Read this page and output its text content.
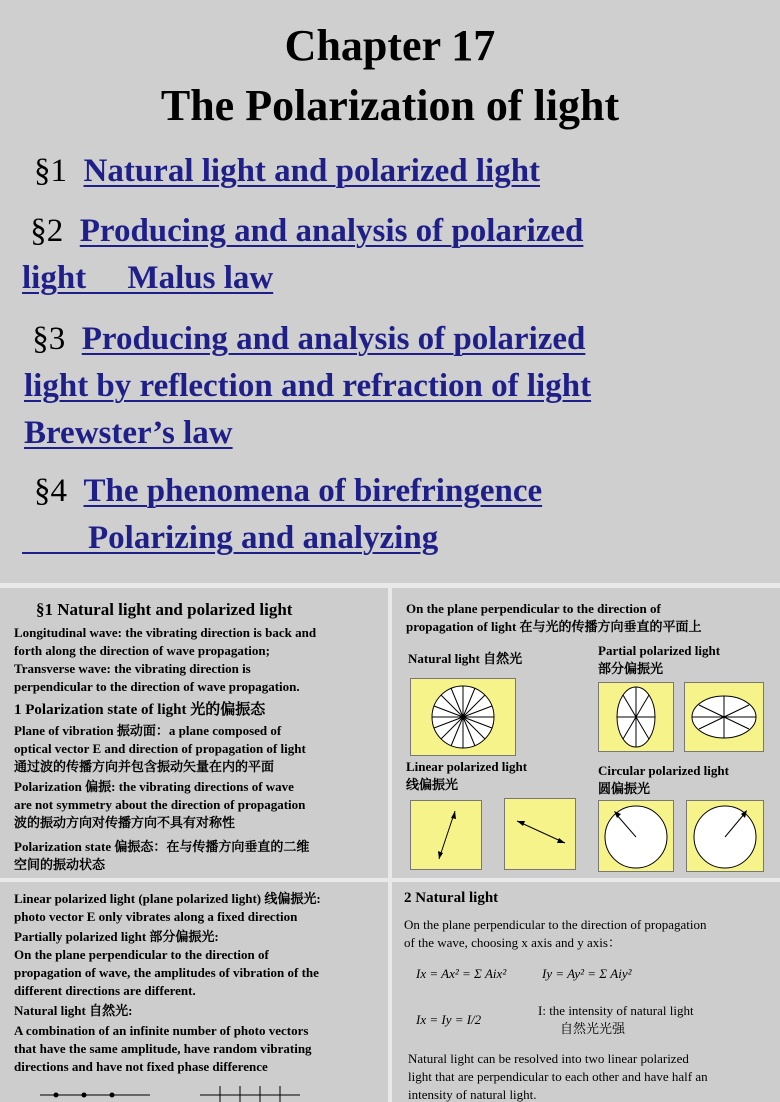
Chapter 17
The Polarization of light
§1 Natural light and polarized light
§2 Producing and analysis of polarized
light     Malus law
§3 Producing and analysis of polarized
light by reflection and refraction of light
Brewster’s law
§4 The phenomena of birefringence
Polarizing and analyzing
§1 Natural light and polarized light
Longitudinal wave: the vibrating direction is back and
forth along the direction of wave propagation;
Transverse wave: the vibrating direction is
perpendicular to the direction of wave propagation.
1 Polarization state of light 光的偏振态
Plane of vibration 振动面：a plane composed of
optical vector E and direction of propagation of light
通过波的传播方向并包含振动矢量在内的平面
Polarization 偏振: the vibrating directions of wave
are not symmetry about the direction of propagation
波的振动方向对传播方向不具有对称性
Polarization state 偏振态：在与传播方向垂直的二维
空间的振动状态
On the plane perpendicular to the direction of
propagation of light 在与光的传播方向垂直的平面上
Natural light 自然光
Partial polarized light
部分偏振光
Linear polarized light
线偏振光
Circular polarized light
圆偏振光
Linear polarized light (plane polarized light) 线偏振光:
photo vector E only vibrates along a fixed direction
Partially polarized light 部分偏振光:
On the plane perpendicular to the direction of
propagation of wave, the amplitudes of vibration of the
different directions are different.
Natural light 自然光:
A combination of an infinite number of photo vectors
that have the same amplitude, have random vibrating
directions and have not fixed phase difference
2 Natural light
On the plane perpendicular to the direction of propagation
of the wave, choosing x axis and y axis：
Ix = Ax² = Σ Aix²	Iy = Ay² = Σ Aiy²
Ix = Iy = I/2
I: the intensity of natural light
自然光光强
Natural light can be resolved into two linear polarized
light that are perpendicular to each other and have half an
intensity of natural light.
